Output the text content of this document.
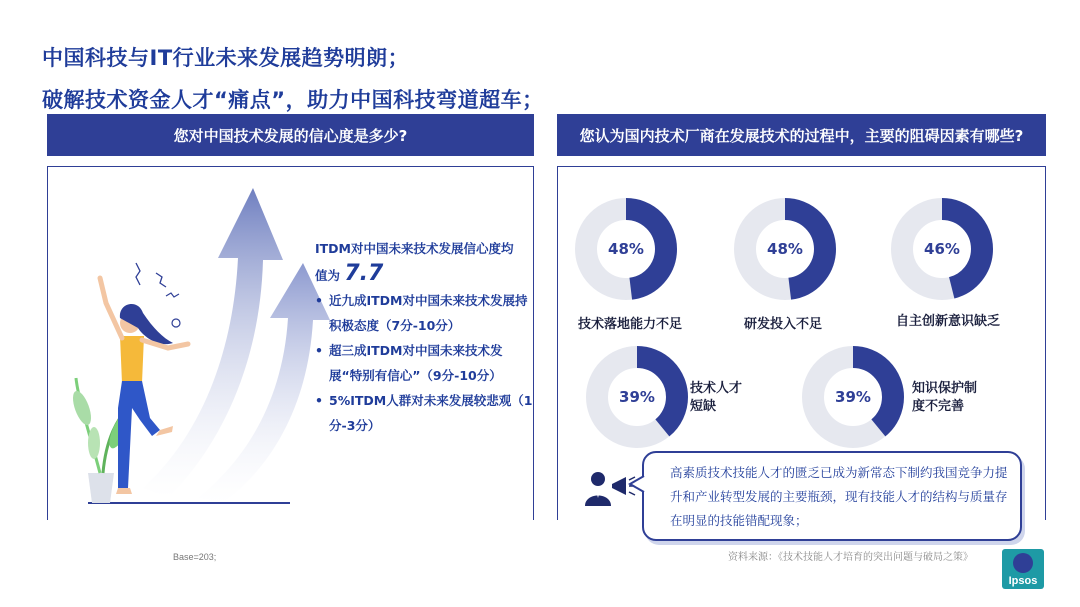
中国科技与IT行业未来发展趋势明朗；
破解技术资金人才“痛点”，助力中国科技弯道超车；
您对中国技术发展的信心度是多少?
ITDM对中国未来技术发展信心度均
值为 7.7
• 近九成ITDM对中国未来技术发展持积极态度（7分-10分）
• 超三成ITDM对中国未来技术发展“特别有信心”（9分-10分）
• 5%ITDM人群对未来发展较悲观（1分-3分）
您认为国内技术厂商在发展技术的过程中，主要的阻碍因素有哪些?
48%
技术落地能力不足
48%
研发投入不足
46%
自主创新意识缺乏
39%	技术人才
短缺
39%	知识保护制
度不完善
高素质技术技能人才的匮乏已成为新常态下制约我国竞争力提升和产业转型发展的主要瓶颈，现有技能人才的结构与质量存在明显的技能错配现象；
Base=203;	资料来源：《技术技能人才培育的突出问题与破局之策》
Ipsos
